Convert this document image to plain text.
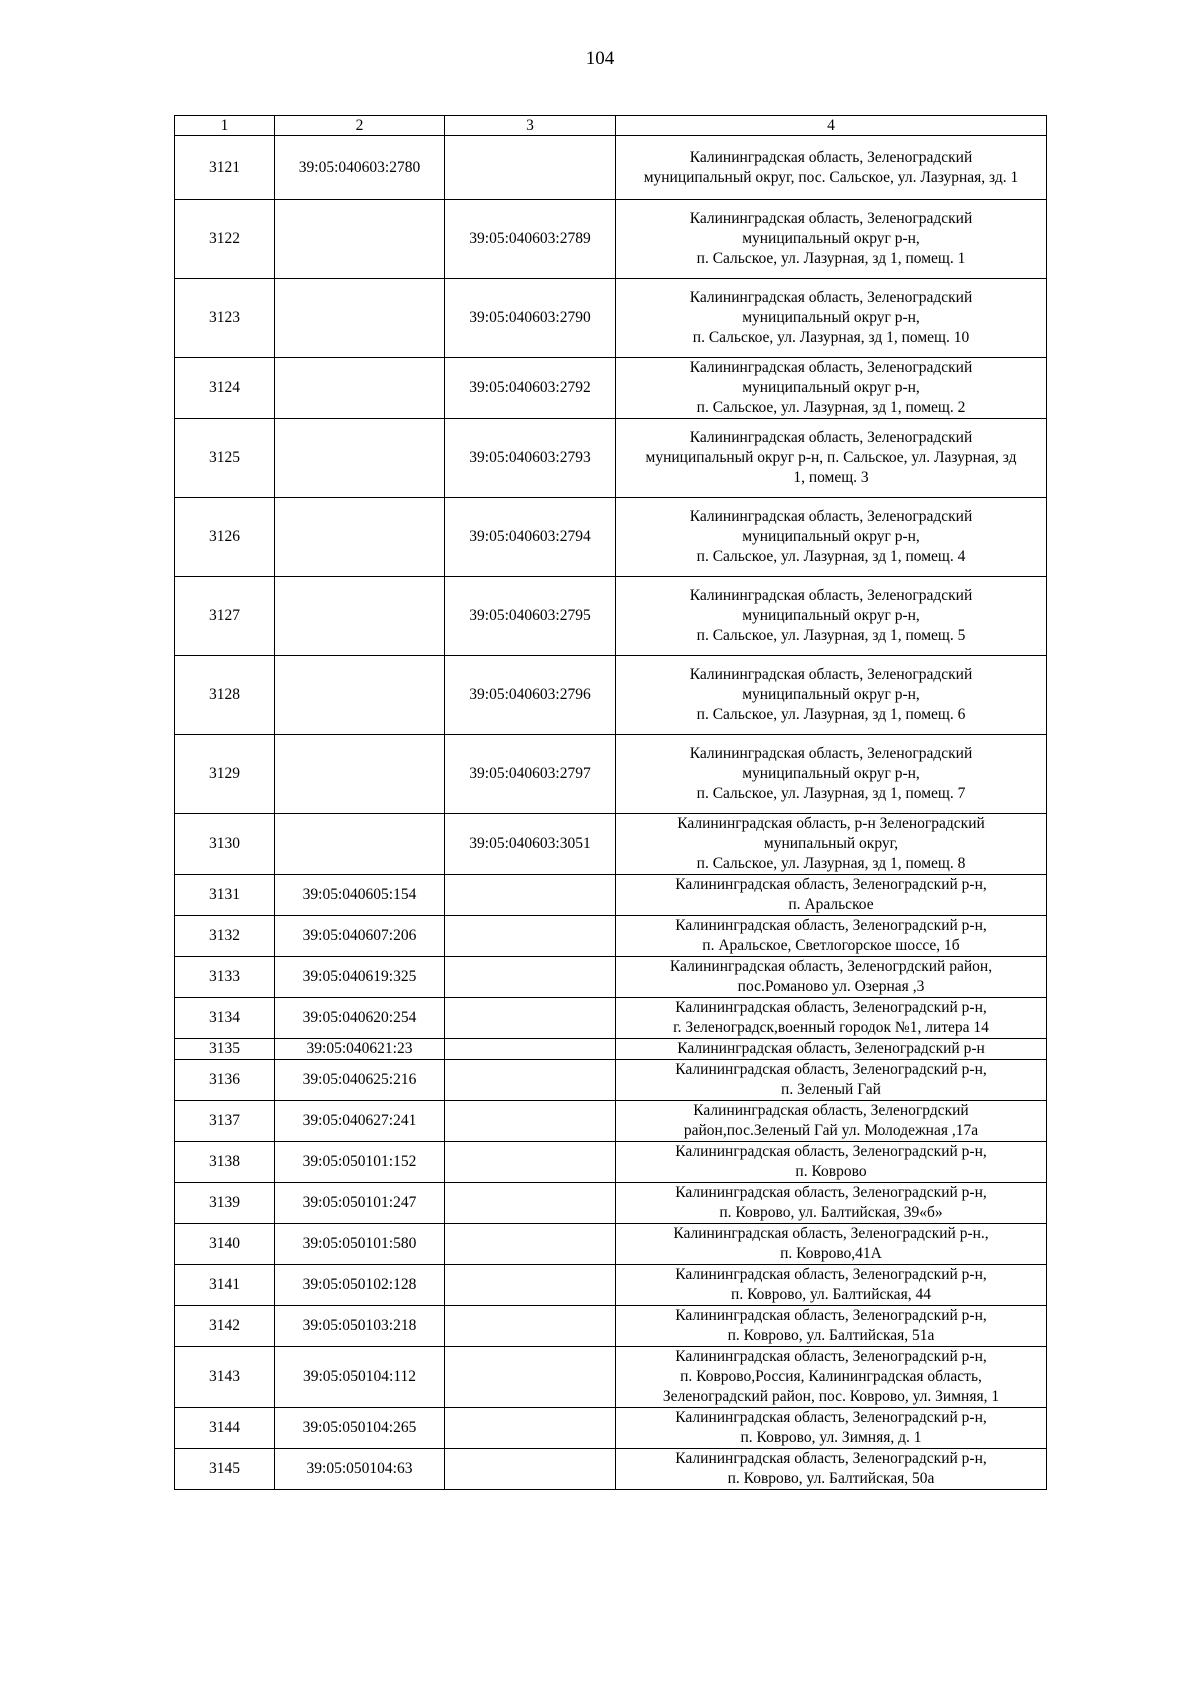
104
1	2	3	4
3121	39:05:040603:2780		Калининградская область, Зеленоградский
муниципальный округ, пос. Сальское, ул. Лазурная, зд. 1

3122		39:05:040603:2789	Калининградская область, Зеленоградский
муниципальный округ р-н,
п. Сальское, ул. Лазурная, зд 1, помещ. 1

3123		39:05:040603:2790	Калининградская область, Зеленоградский
муниципальный округ р-н,
п. Сальское, ул. Лазурная, зд 1, помещ. 10

3124		39:05:040603:2792	Калининградская область, Зеленоградский
муниципальный округ р-н,
п. Сальское, ул. Лазурная, зд 1, помещ. 2

3125		39:05:040603:2793	Калининградская область, Зеленоградский
муниципальный округ р-н, п. Сальское, ул. Лазурная, зд
1, помещ. 3

3126		39:05:040603:2794	Калининградская область, Зеленоградский
муниципальный округ р-н,
п. Сальское, ул. Лазурная, зд 1, помещ. 4

3127		39:05:040603:2795	Калининградская область, Зеленоградский
муниципальный округ р-н,
п. Сальское, ул. Лазурная, зд 1, помещ. 5

3128		39:05:040603:2796	Калининградская область, Зеленоградский
муниципальный округ р-н,
п. Сальское, ул. Лазурная, зд 1, помещ. 6

3129		39:05:040603:2797	Калининградская область, Зеленоградский
муниципальный округ р-н,
п. Сальское, ул. Лазурная, зд 1, помещ. 7

3130		39:05:040603:3051	Калининградская область, р-н Зеленоградский
мунипальный округ,
п. Сальское, ул. Лазурная, зд 1, помещ. 8

3131	39:05:040605:154		Калининградская область, Зеленоградский р-н,
п. Аральское

3132	39:05:040607:206		Калининградская область, Зеленоградский р-н,
п. Аральское, Светлогорское шоссе, 1б

3133	39:05:040619:325		Калининградская область, Зеленогрдский район,
пос.Романово ул. Озерная ,3

3134	39:05:040620:254		Калининградская область, Зеленоградский р-н,
г. Зеленоградск,военный городок №1, литера 14

3135	39:05:040621:23		Калининградская область, Зеленоградский р-н

3136	39:05:040625:216		Калининградская область, Зеленоградский р-н,
п. Зеленый Гай

3137	39:05:040627:241		Калининградская область, Зеленогрдский
район,пос.Зеленый Гай ул. Молодежная ,17а

3138	39:05:050101:152		Калининградская область, Зеленоградский р-н,
п. Коврово

3139	39:05:050101:247		Калининградская область, Зеленоградский р-н,
п. Коврово, ул. Балтийская, 39«б»

3140	39:05:050101:580		Калининградская область, Зеленоградский р-н.,
п. Коврово,41А

3141	39:05:050102:128		Калининградская область, Зеленоградский р-н,
п. Коврово, ул. Балтийская, 44

3142	39:05:050103:218		Калининградская область, Зеленоградский р-н,
п. Коврово, ул. Балтийская, 51а

3143	39:05:050104:112		Калининградская область, Зеленоградский р-н,
п. Коврово,Россия, Калининградская область,
Зеленоградский район, пос. Коврово, ул. Зимняя, 1

3144	39:05:050104:265		Калининградская область, Зеленоградский р-н,
п. Коврово, ул. Зимняя, д. 1

3145	39:05:050104:63		Калининградская область, Зеленоградский р-н,
п. Коврово, ул. Балтийская, 50а
